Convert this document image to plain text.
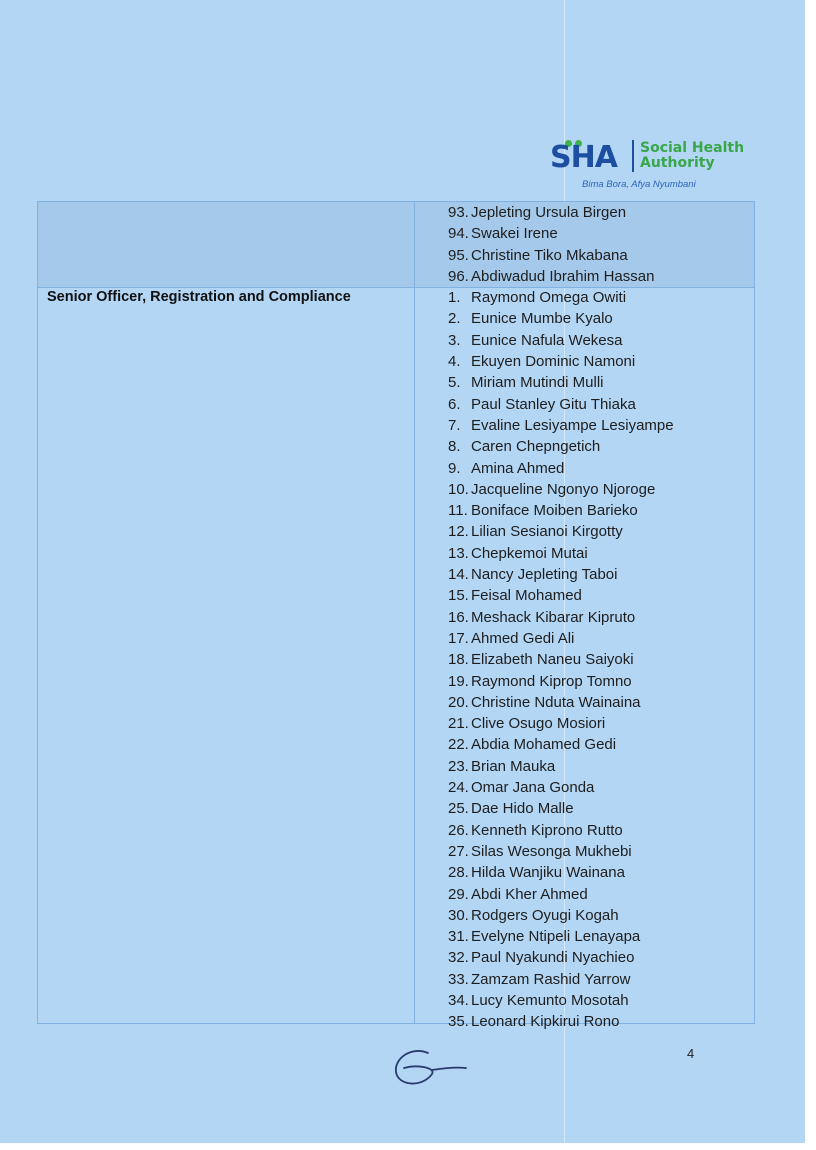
SHA Social Health
Authority
Bima Bora, Afya Nyumbani
Senior Officer, Registration and Compliance
93. Jepleting Ursula Birgen
94. Swakei Irene
95. Christine Tiko Mkabana
96. Abdiwadud Ibrahim Hassan
1. Raymond Omega Owiti
2. Eunice Mumbe Kyalo
3. Eunice Nafula Wekesa
4. Ekuyen Dominic Namoni
5. Miriam Mutindi Mulli
6. Paul Stanley Gitu Thiaka
7. Evaline Lesiyampe Lesiyampe
8. Caren Chepngetich
9. Amina Ahmed
10. Jacqueline Ngonyo Njoroge
11. Boniface Moiben Barieko
12. Lilian Sesianoi Kirgotty
13. Chepkemoi Mutai
14. Nancy Jepleting Taboi
15. Feisal Mohamed
16. Meshack Kibarar Kipruto
17. Ahmed Gedi Ali
18. Elizabeth Naneu Saiyoki
19. Raymond Kiprop Tomno
20. Christine Nduta Wainaina
21. Clive Osugo Mosiori
22. Abdia Mohamed Gedi
23. Brian Mauka
24. Omar Jana Gonda
25. Dae Hido Malle
26. Kenneth Kiprono Rutto
27. Silas Wesonga Mukhebi
28. Hilda Wanjiku Wainana
29. Abdi Kher Ahmed
30. Rodgers Oyugi Kogah
31. Evelyne Ntipeli Lenayapa
32. Paul Nyakundi Nyachieo
33. Zamzam Rashid Yarrow
34. Lucy Kemunto Mosotah
35. Leonard Kipkirui Rono
4
